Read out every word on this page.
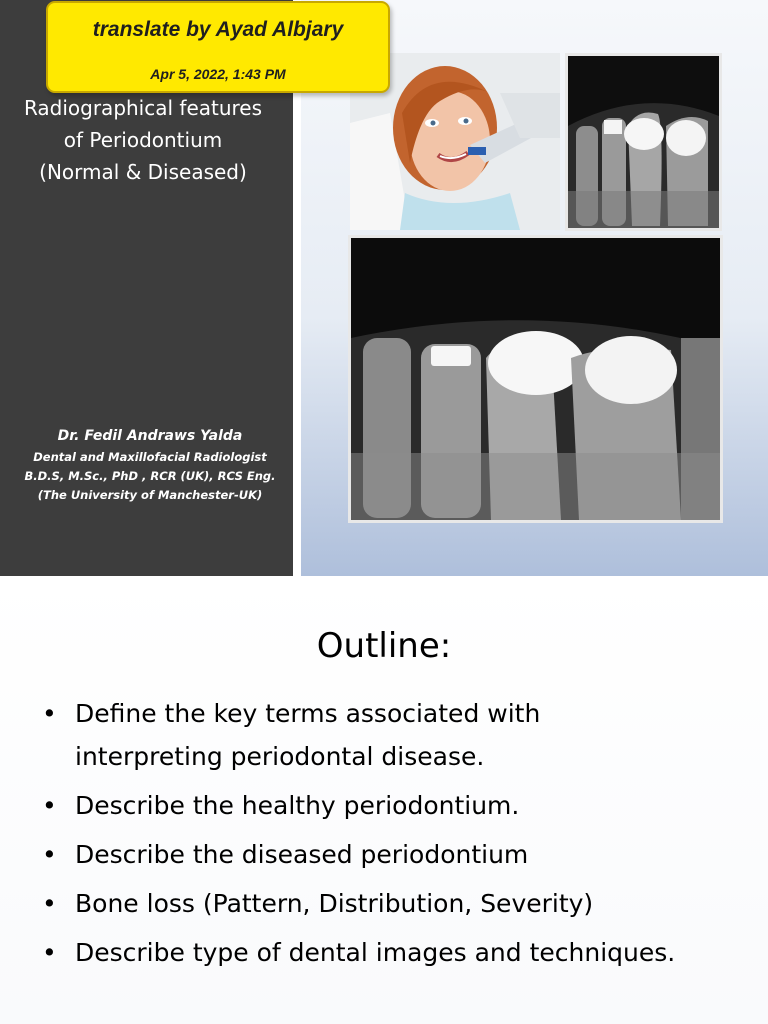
Radiographical features
of Periodontium
(Normal & Diseased)
Dr. Fedil Andraws Yalda
Dental and Maxillofacial Radiologist
B.D.S, M.Sc., PhD , RCR (UK), RCS Eng.
(The University of Manchester-UK)
translate by Ayad Albjary
Apr 5, 2022, 1:43 PM
Outline:
• Define the key terms associated with interpreting periodontal disease.
• Describe the healthy periodontium.
• Describe the diseased periodontium
• Bone loss (Pattern, Distribution, Severity)
• Describe type of dental images and techniques.
